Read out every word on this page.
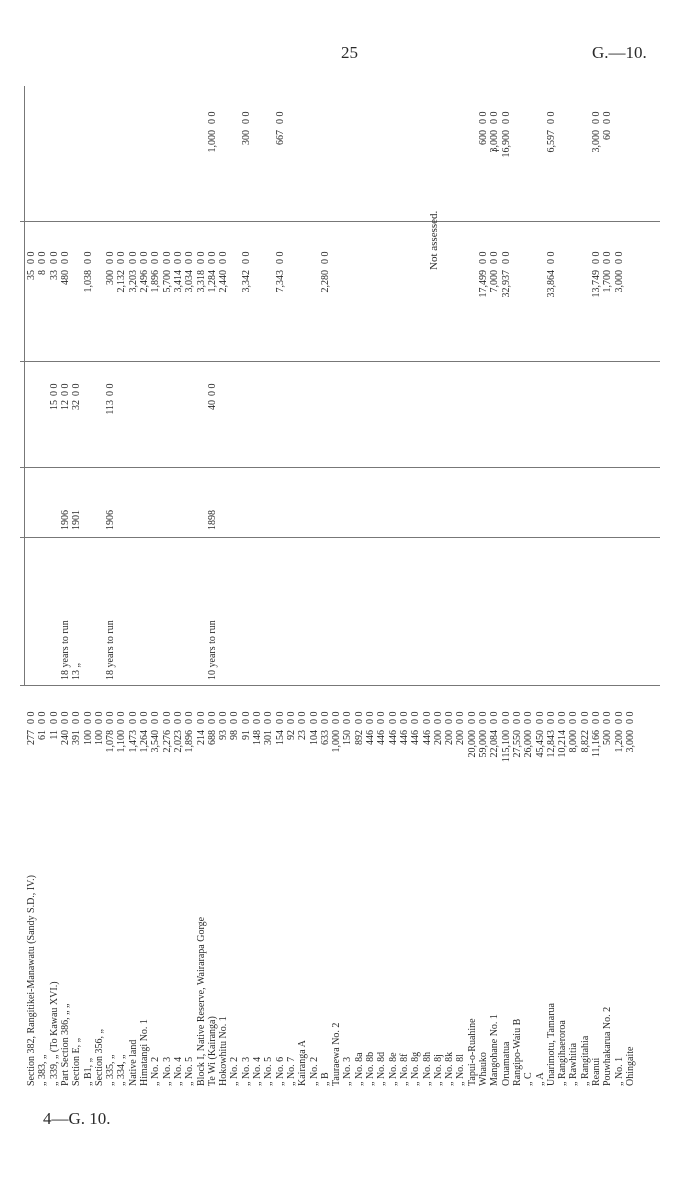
25	G.—10.
Not assessed.
Section 382, Rangitikei-Manawatu (Sandy S.D., IV.)
277
0 0
35
0 0
„ 383, „
61
0 0
8
0 0
„ 339, „ (To Kawau XVI.)
11
0 0
15
0 0
33
0 0
Part Section 386, „ „
240
0 0
18 years to run
1906
12
0 0
480
0 0
Section E, „
391
0 0
13 „
1901
32
0 0
„ B1, „
100
0 0
1,038
0 0
Section 356, „
100
0 0
„ 335, „
1,078
0 0
18 years to run
1906
113
0 0
300
0 0
„ 334, „
1,100
0 0
2,132
0 0
Native land
1,473
0 0
3,203
0 0
Himatangi No. 1
1,264
0 0
2,496
0 0
„ No. 2
3,540
0 0
1,896
0 0
„ No. 3
2,276
0 0
5,700
0 0
„ No. 4
2,023
0 0
3,414
0 0
„ No. 5
1,896
0 0
3,034
0 0
Block I, Native Reserve, Wairarapa Gorge
214
0 0
3,318
0 0
Te Wi (Kairanga)
688
0 0
10 years to run
1898
40
0 0
1,284
0 0
1,000
0 0
Hokowhitu No. 1
93
0 0
2,440
0 0
„ No. 2
98
0 0
„ No. 3
91
0 0
3,342
0 0
300
0 0
„ No. 4
148
0 0
„ No. 5
301
0 0
„ No. 6
154
0 0
7,343
0 0
667
0 0
„ No. 7
92
0 0
Kairanga A
23
0 0
„ No. 2
104
0 0
„ B
633
0 0
2,280
0 0
Tauraewa No. 2
1,000
0 0
„ No. 3
150
0 0
„ No. 8a
892
0 0
„ No. 8b
446
0 0
„ No. 8d
446
0 0
„ No. 8e
446
0 0
„ No. 8f
446
0 0
„ No. 8g
446
0 0
„ No. 8h
446
0 0
„ No. 8j
200
0 0
„ No. 8k
200
0 0
„ No. 8l
200
0 0
Tapui-o-Ruahine
20,000
0 0
Whauko
59,000
0 0
17,499
0 0
600
0 0
Mangohane No. 1
22,084
0 0
7,000
0 0
3,000
0 0
Oruamatua
115,100
0 0
32,937
0 0
16,900
0 0
Rangipo-Waiu B
27,550
0 0
„ C
26,000
0 0
„ A
45,450
0 0
Unarimotu, Tamarua
12,843
0 0
33,864
0 0
6,597
0 0
„ Rangihaeroroa
10,214
0 0
„ Rawhitia
8,000
0 0
„ Rangitahia
8,822
0 0
Reanui
11,166
0 0
13,749
0 0
3,000
0 0
Pouwhakarua No. 2
500
0 0
1,700
0 0
60
0 0
„ No. 1
1,200
0 0
3,000
0 0
Ohingaite
3,000
0 0
4—G. 10.
